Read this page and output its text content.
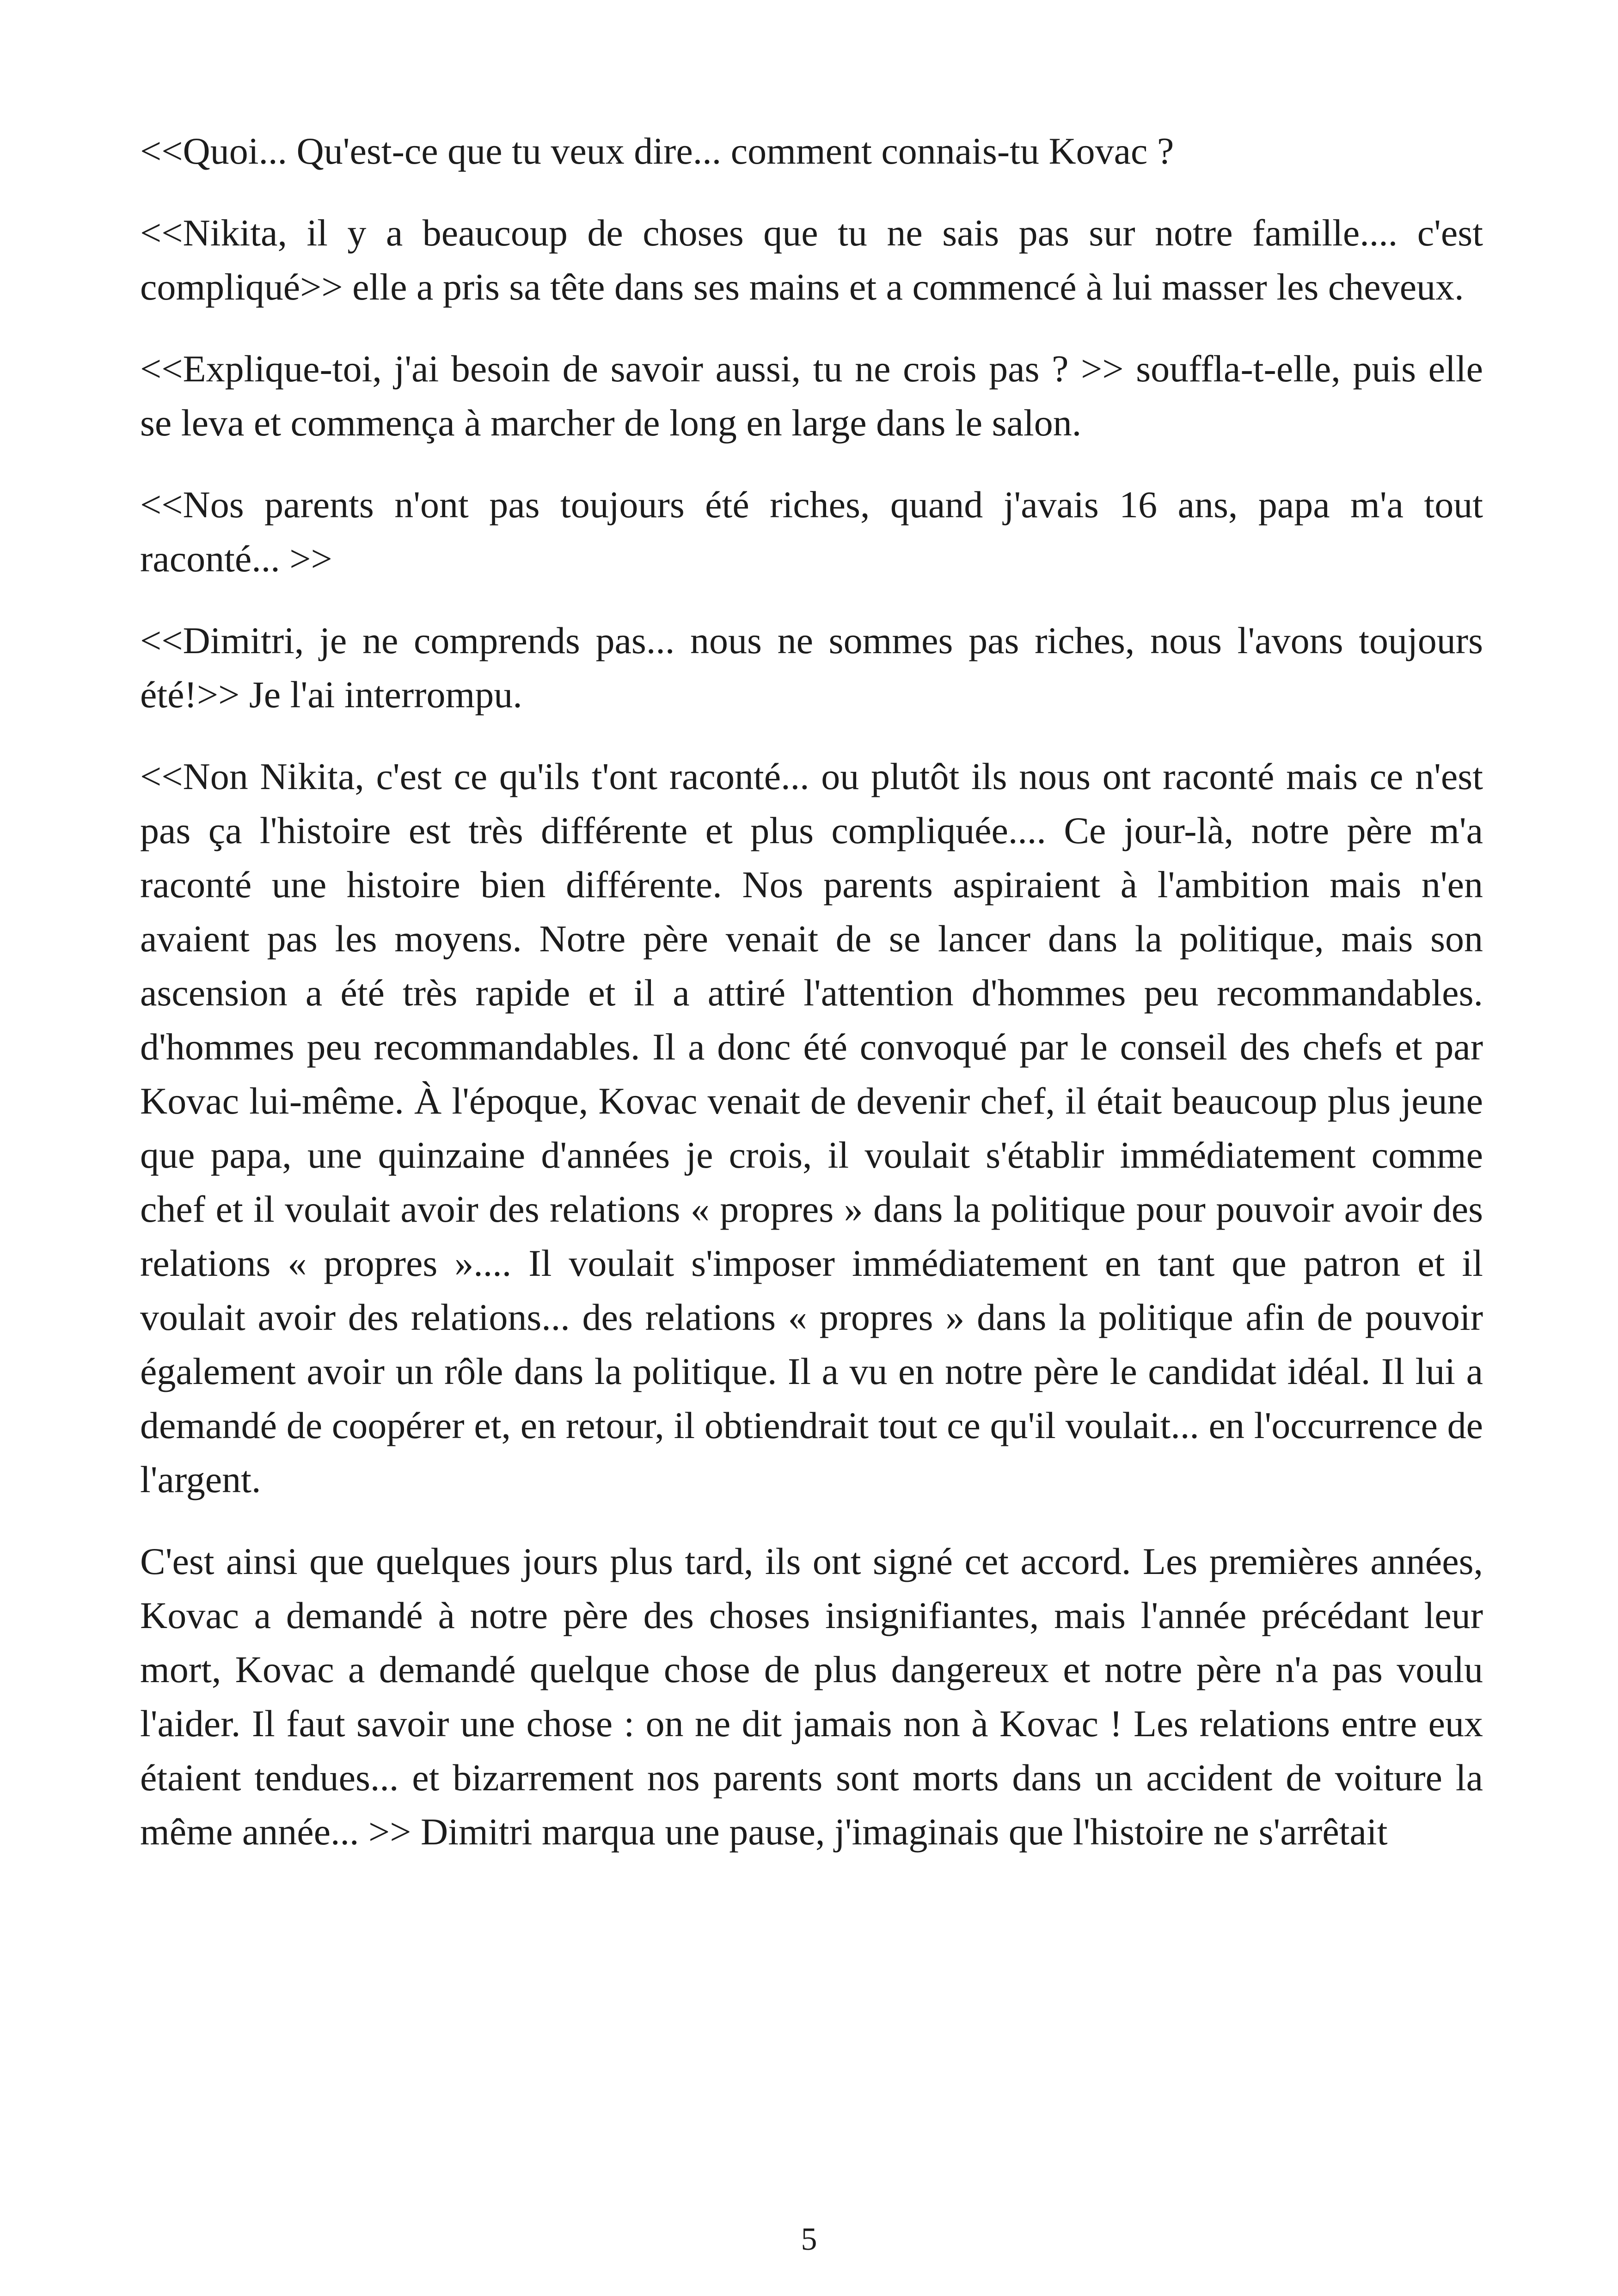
<<Quoi... Qu'est-ce que tu veux dire... comment connais-tu Kovac ?

<<Nikita, il y a beaucoup de choses que tu ne sais pas sur notre famille.... c'est compliqué>> elle a pris sa tête dans ses mains et a commencé à lui masser les cheveux.

<<Explique-toi, j'ai besoin de savoir aussi, tu ne crois pas ? >> souffla-t-elle, puis elle se leva et commença à marcher de long en large dans le salon.

<<Nos parents n'ont pas toujours été riches, quand j'avais 16 ans, papa m'a tout raconté... >>

<<Dimitri, je ne comprends pas... nous ne sommes pas riches, nous l'avons toujours été!>> Je l'ai interrompu.

<<Non Nikita, c'est ce qu'ils t'ont raconté... ou plutôt ils nous ont raconté mais ce n'est pas ça l'histoire est très différente et plus compliquée.... Ce jour-là, notre père m'a raconté une histoire bien différente. Nos parents aspiraient à l'ambition mais n'en avaient pas les moyens. Notre père venait de se lancer dans la politique, mais son ascension a été très rapide et il a attiré l'attention d'hommes peu recommandables. d'hommes peu recommandables. Il a donc été convoqué par le conseil des chefs et par Kovac lui-même. À l'époque, Kovac venait de devenir chef, il était beaucoup plus jeune que papa, une quinzaine d'années je crois, il voulait s'établir immédiatement comme chef et il voulait avoir des relations « propres » dans la politique pour pouvoir avoir des relations « propres ».... Il voulait s'imposer immédiatement en tant que patron et il voulait avoir des relations... des relations « propres » dans la politique afin de pouvoir également avoir un rôle dans la politique. Il a vu en notre père le candidat idéal. Il lui a demandé de coopérer et, en retour, il obtiendrait tout ce qu'il voulait... en l'occurrence de l'argent.

C'est ainsi que quelques jours plus tard, ils ont signé cet accord. Les premières années, Kovac a demandé à notre père des choses insignifiantes, mais l'année précédant leur mort, Kovac a demandé quelque chose de plus dangereux et notre père n'a pas voulu l'aider. Il faut savoir une chose : on ne dit jamais non à Kovac ! Les relations entre eux étaient tendues... et bizarrement nos parents sont morts dans un accident de voiture la même année... >> Dimitri marqua une pause, j'imaginais que l'histoire ne s'arrêtait

5
